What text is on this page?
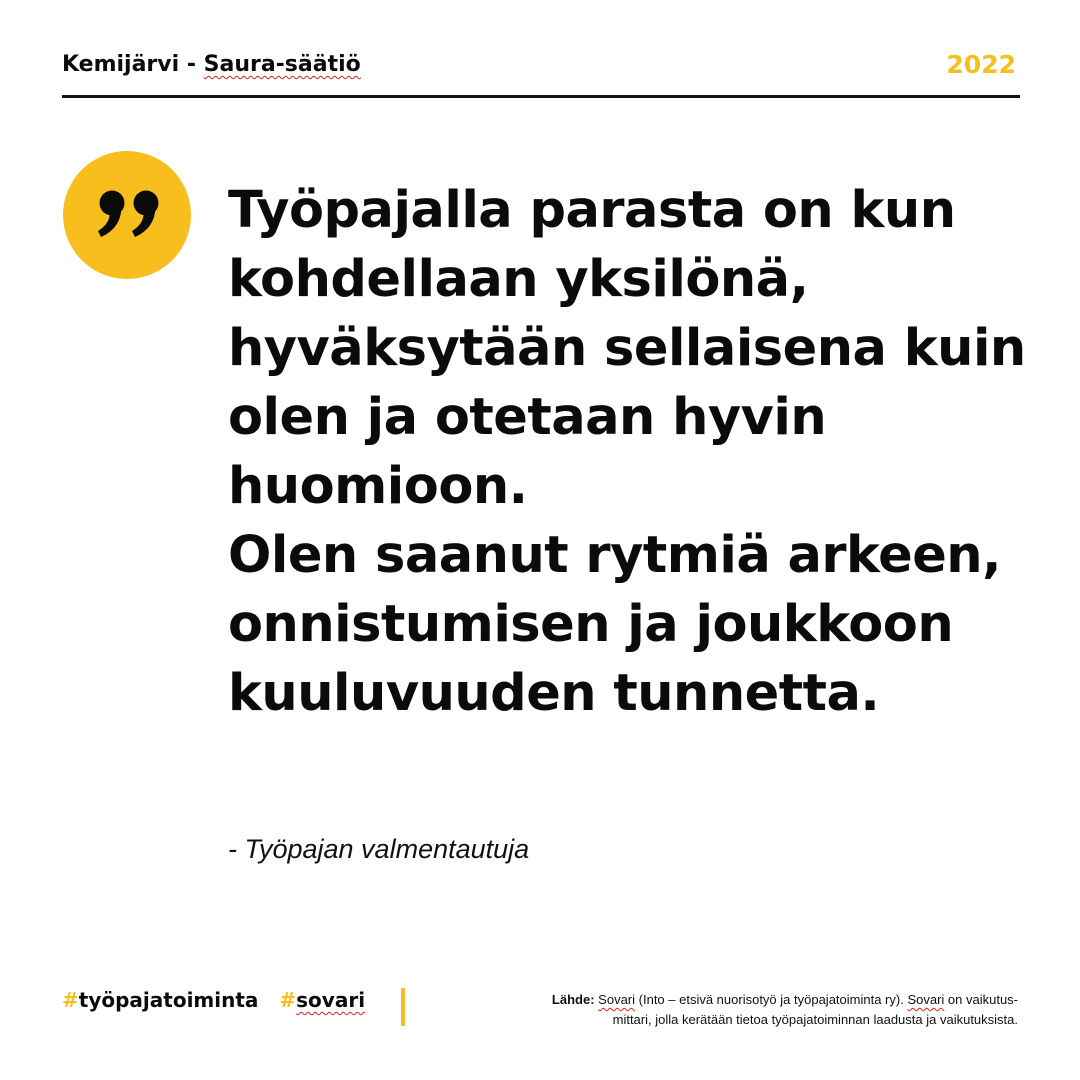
Kemijärvi - Saura-säätiö	2022

Työpajalla parasta on kun kohdellaan yksilönä, hyväksytään sellaisena kuin olen ja otetaan hyvin huomioon.

Olen saanut rytmiä arkeen, onnistumisen ja joukkoon kuuluvuuden tunnetta.

- Työpajan valmentautuja
#työpajatoiminta #sovari	Lähde: Sovari (Into – etsivä nuorisotyö ja työpajatoiminta ry). Sovari on vaikutus-
mittari, jolla kerätään tietoa työpajatoiminnan laadusta ja vaikutuksista.
